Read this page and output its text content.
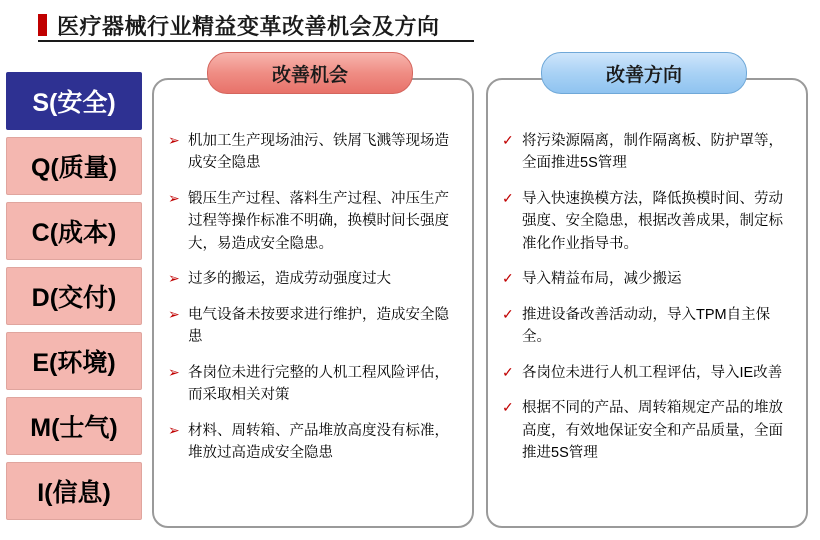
医疗器械行业精益变革改善机会及方向
S(安全)
Q(质量)
C(成本)
D(交付)
E(环境)
M(士气)
I(信息)
➢ 机加工生产现场油污、铁屑飞溅等现场造成安全隐患
➢ 锻压生产过程、落料生产过程、冲压生产过程等操作标准不明确，换模时间长强度大，易造成安全隐患。
➢ 过多的搬运，造成劳动强度过大
➢ 电气设备未按要求进行维护，造成安全隐患
➢ 各岗位未进行完整的人机工程风险评估，而采取相关对策
➢ 材料、周转箱、产品堆放高度没有标准，堆放过高造成安全隐患
✓ 将污染源隔离，制作隔离板、防护罩等，全面推进5S管理
✓ 导入快速换模方法，降低换模时间、劳动强度、安全隐患，根据改善成果，制定标准化作业指导书。
✓ 导入精益布局，减少搬运
✓ 推进设备改善活动动，导入TPM自主保全。
✓ 各岗位未进行人机工程评估，导入IE改善
✓ 根据不同的产品、周转箱规定产品的堆放高度，有效地保证安全和产品质量，全面推进5S管理
改善机会	改善方向
